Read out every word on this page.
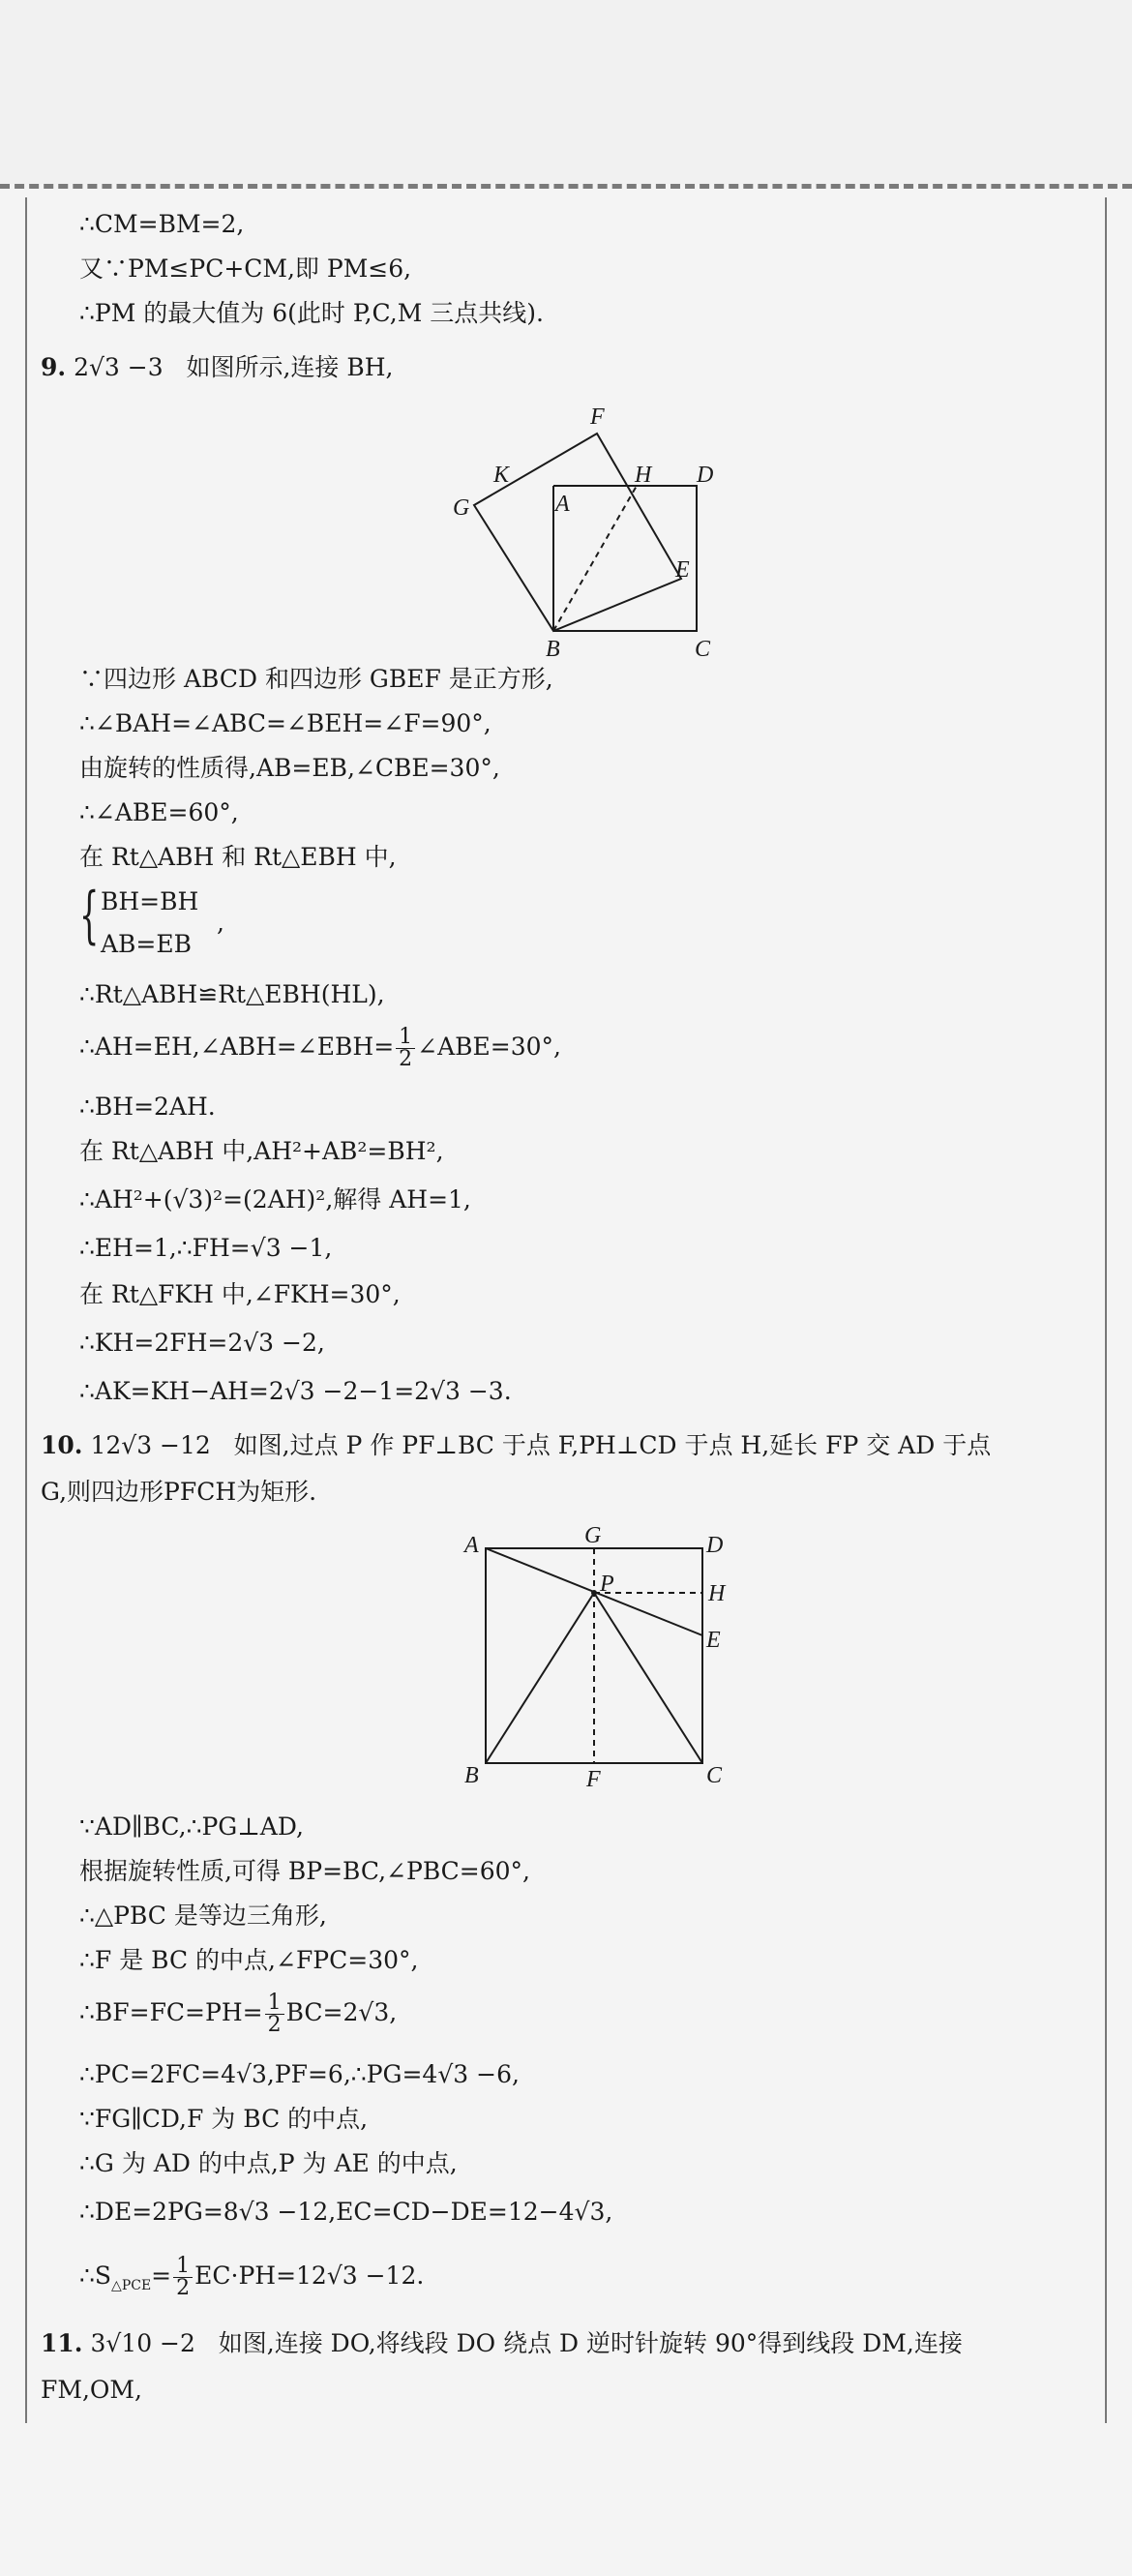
∴CM=BM=2,
又∵PM≤PC+CM,即 PM≤6,
∴PM 的最大值为 6(此时 P,C,M 三点共线).
9. 2√3 −3 如图所示,连接 BH,
∵四边形 ABCD 和四边形 GBEF 是正方形,
∴∠BAH=∠ABC=∠BEH=∠F=90°,
由旋转的性质得,AB=EB,∠CBE=30°,
∴∠ABE=60°,
在 Rt△ABH 和 Rt△EBH 中,
{ BH=BH
AB=EB
,
∴Rt△ABH≌Rt△EBH(HL),
∴AH=EH,∠ABH=∠EBH= $\frac{1}{2}$ ∠ABE=30°,
∴BH=2AH.
在 Rt△ABH 中,AH²+AB²=BH²,
∴AH²+(√3)²=(2AH)²,解得 AH=1,
∴EH=1,∴FH=√3 −1,
在 Rt△FKH 中,∠FKH=30°,
∴KH=2FH=2√3 −2,
∴AK=KH−AH=2√3 −2−1=2√3 −3.
10. 12√3 −12 如图,过点 P 作 PF⊥BC 于点 F,PH⊥CD 于点 H,延长 FP 交 AD 于点
G,则四边形PFCH为矩形.
∵AD∥BC,∴PG⊥AD,
根据旋转性质,可得 BP=BC,∠PBC=60°,
∴△PBC 是等边三角形,
∴F 是 BC 的中点,∠FPC=30°,
∴BF=FC=PH= $\frac{1}{2} BC=2√3$,
∴PC=2FC=4√3,PF=6,∴PG=4√3 −6,
∵FG∥CD,F 为 BC 的中点,
∴G 为 AD 的中点,P 为 AE 的中点,
∴DE=2PG=8√3 −12,EC=CD−DE=12−4√3,
$\therefore S_{\triangle PCE}= \frac{1}{2} EC\cdot PH=12√3 -12$.
11. 3√10 −2 如图,连接 DO,将线段 DO 绕点 D 逆时针旋转 90°得到线段 DM,连接
FM,OM,
F
K	H D
G	A
E
B	C
A	G	D
P	H
E
B	F	C
